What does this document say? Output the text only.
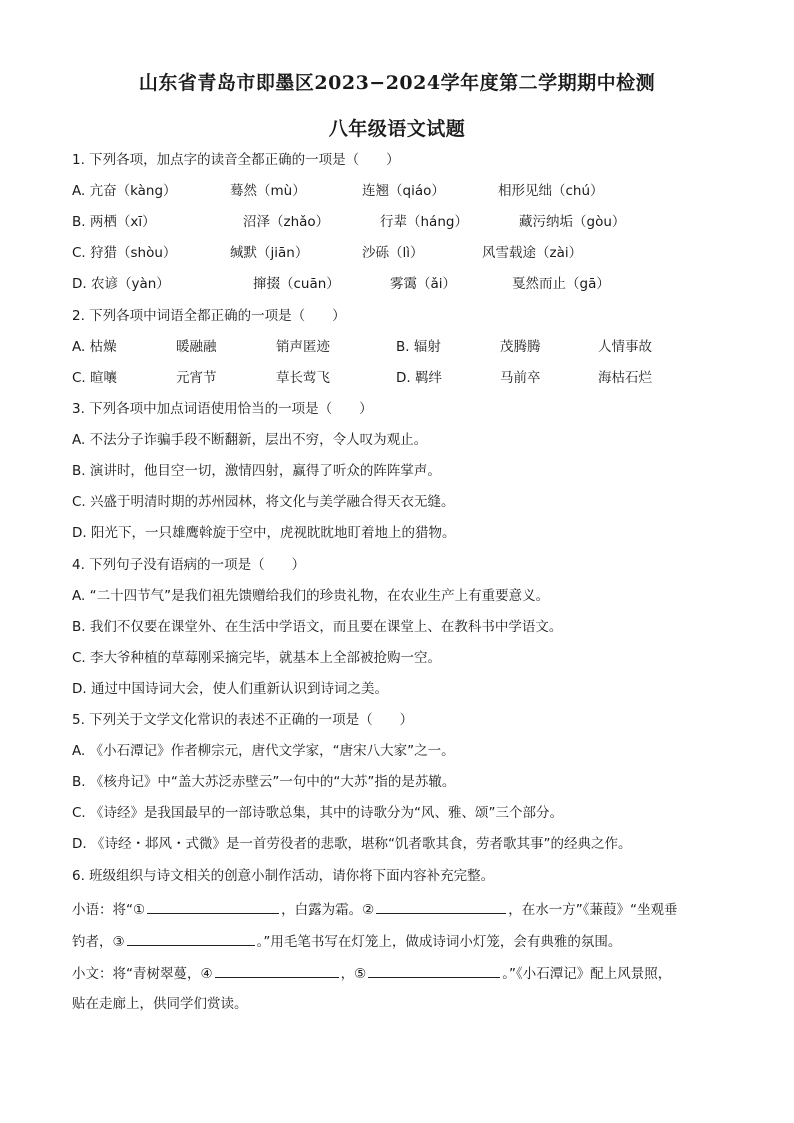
山东省青岛市即墨区2023−2024学年度第二学期期中检测
八年级语文试题
1. 下列各项，加点字的读音全都正确的一项是（　　）
A. 亢奋（kàng）	蓦然（mù）	连翘（qiáo）	相形见绌（chú）
B. 两栖（xī）	沼泽（zhǎo）	行辈（háng）	藏污纳垢（gòu）
C. 狩猎（shòu）	缄默（jiān）	沙砾（lì）	风雪载途（zài）
D. 农谚（yàn）	撺掇（cuān）	雾霭（ǎi）	戛然而止（gā）
2. 下列各项中词语全都正确的一项是（　　）
A. 枯燥	暖融融	销声匿迹	B. 辐射	茂腾腾	人情事故
C. 暄嚷	元宵节	草长莺飞	D. 羁绊	马前卒	海枯石烂
3. 下列各项中加点词语使用恰当的一项是（　　）
A. 不法分子诈骗手段不断翻新，层出不穷，令人叹为观止。
B. 演讲时，他目空一切，激情四射，赢得了听众的阵阵掌声。
C. 兴盛于明清时期的苏州园林，将文化与美学融合得天衣无缝。
D. 阳光下，一只雄鹰斡旋于空中，虎视眈眈地盯着地上的猎物。
4. 下列句子没有语病的一项是（　　）
A. “二十四节气”是我们祖先馈赠给我们的珍贵礼物，在农业生产上有重要意义。
B. 我们不仅要在课堂外、在生活中学语文，而且要在课堂上、在教科书中学语文。
C. 李大爷种植的草莓刚采摘完毕，就基本上全部被抢购一空。
D. 通过中国诗词大会，使人们重新认识到诗词之美。
5. 下列关于文学文化常识的表述不正确的一项是（　　）
A. 《小石潭记》作者柳宗元，唐代文学家，“唐宋八大家”之一。
B. 《核舟记》中“盖大苏泛赤壁云”一句中的“大苏”指的是苏辙。
C. 《诗经》是我国最早的一部诗歌总集，其中的诗歌分为“风、雅、颂”三个部分。
D. 《诗经・邶风・式微》是一首劳役者的悲歌，堪称“饥者歌其食，劳者歌其事”的经典之作。
6. 班级组织与诗文相关的创意小制作活动，请你将下面内容补充完整。
小语：将“①	，白露为霜。②	，在水一方”《蒹葭》“坐观垂
钓者，③	。”用毛笔书写在灯笼上，做成诗词小灯笼，会有典雅的氛围。
小文：将“青树翠蔓，④	，⑤	。”《小石潭记》配上风景照，
贴在走廊上，供同学们赏读。
